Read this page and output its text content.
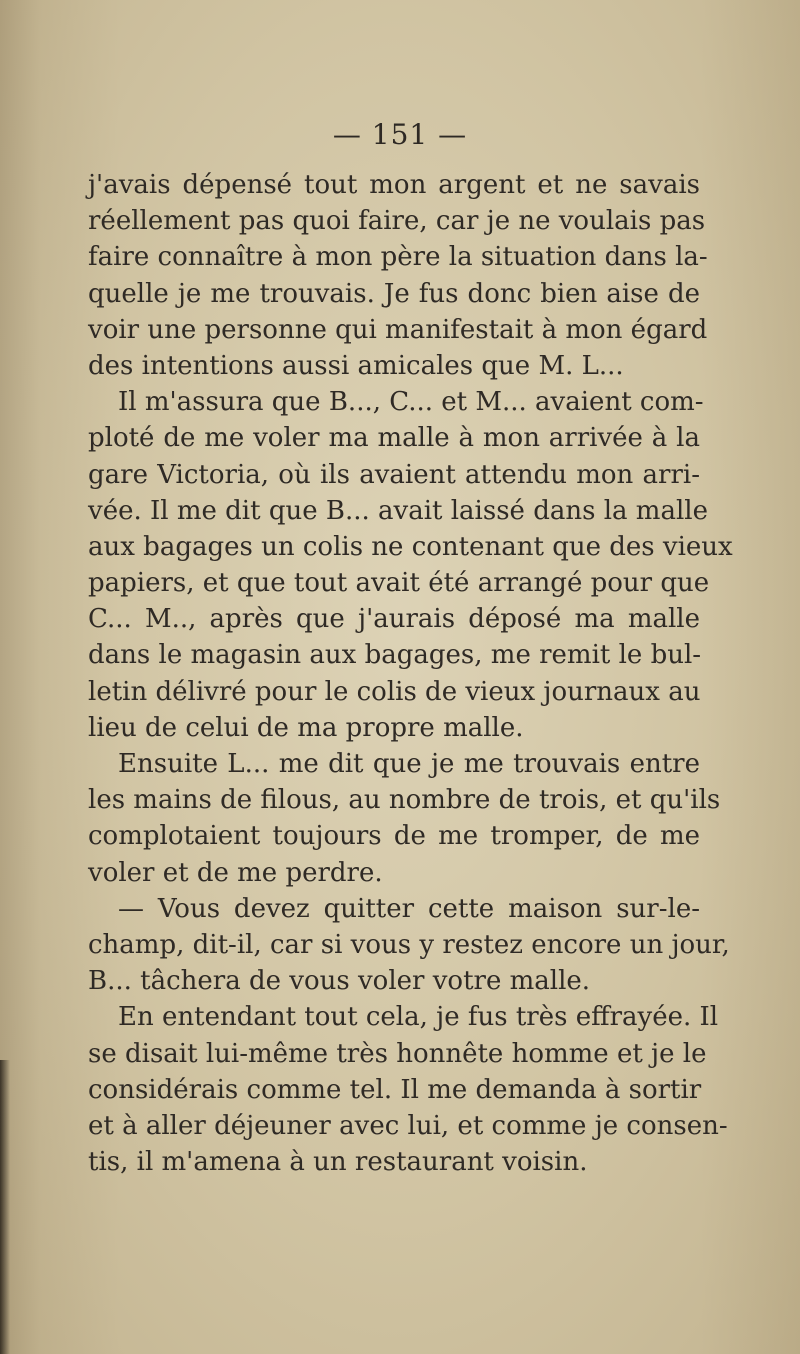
— 151 —
j'avais dépensé tout mon argent et ne savais
réellement pas quoi faire, car je ne voulais pas
faire connaître à mon père la situation dans la-
quelle je me trouvais. Je fus donc bien aise de
voir une personne qui manifestait à mon égard
des intentions aussi amicales que M. L...
Il m'assura que B..., C... et M... avaient com-
ploté de me voler ma malle à mon arrivée à la
gare Victoria, où ils avaient attendu mon arri-
vée. Il me dit que B... avait laissé dans la malle
aux bagages un colis ne contenant que des vieux
papiers, et que tout avait été arrangé pour que
C... M.., après que j'aurais déposé ma malle
dans le magasin aux bagages, me remit le bul-
letin délivré pour le colis de vieux journaux au
lieu de celui de ma propre malle.
Ensuite L... me dit que je me trouvais entre
les mains de filous, au nombre de trois, et qu'ils
complotaient toujours de me tromper, de me
voler et de me perdre.
— Vous devez quitter cette maison sur-le-
champ, dit-il, car si vous y restez encore un jour,
B... tâchera de vous voler votre malle.
En entendant tout cela, je fus très effrayée. Il
se disait lui-même très honnête homme et je le
considérais comme tel. Il me demanda à sortir
et à aller déjeuner avec lui, et comme je consen-
tis, il m'amena à un restaurant voisin.
